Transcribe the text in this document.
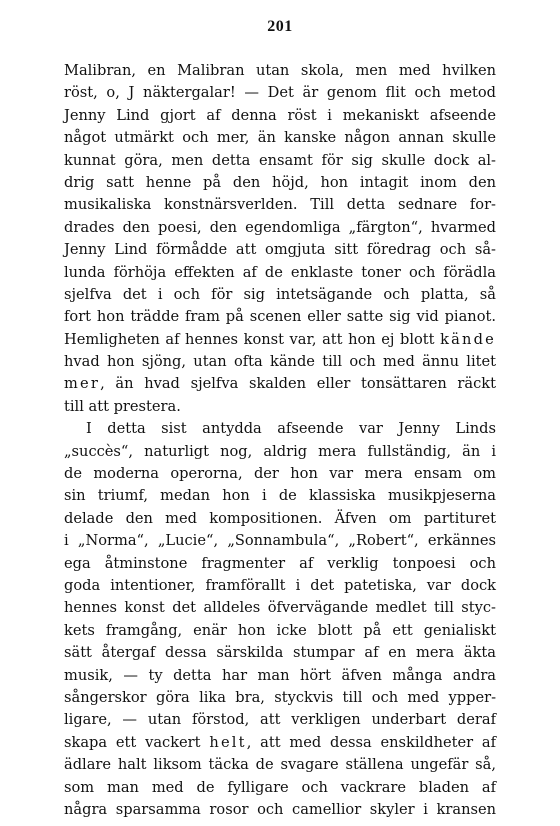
201
Malibran, en Malibran utan skola, men med hvilken
röst, o, J näktergalar! — Det är genom flit och metod
Jenny Lind gjort af denna röst i mekaniskt afseende
något utmärkt och mer, än kanske någon annan skulle
kunnat göra, men detta ensamt för sig skulle dock al-
drig satt henne på den höjd, hon intagit inom den
musikaliska konstnärsverlden. Till detta sednare for-
drades den poesi, den egendomliga „färgton“, hvarmed
Jenny Lind förmådde att omgjuta sitt föredrag och så-
lunda förhöja effekten af de enklaste toner och förädla
sjelfva det i och för sig intetsägande och platta, så
fort hon trädde fram på scenen eller satte sig vid pianot.
Hemligheten af hennes konst var, att hon ej blott kände
hvad hon sjöng, utan ofta kände till och med ännu litet
mer, än hvad sjelfva skalden eller tonsättaren räckt
till att prestera.
I detta sist antydda afseende var Jenny Linds
„succès“, naturligt nog, aldrig mera fullständig, än i
de moderna operorna, der hon var mera ensam om
sin triumf, medan hon i de klassiska musikpjeserna
delade den med kompositionen. Äfven om partituret
i „Norma“, „Lucie“, „Sonnambula“, „Robert“, erkännes
ega åtminstone fragmenter af verklig tonpoesi och
goda intentioner, framförallt i det patetiska, var dock
hennes konst det alldeles öfvervägande medlet till styc-
kets framgång, enär hon icke blott på ett genialiskt
sätt återgaf dessa särskilda stumpar af en mera äkta
musik, — ty detta har man hört äfven många andra
sångerskor göra lika bra, styckvis till och med ypper-
ligare, — utan förstod, att verkligen underbart deraf
skapa ett vackert helt, att med dessa enskildheter af
ädlare halt liksom täcka de svagare ställena ungefär så,
som man med de fylligare och vackrare bladen af
några sparsamma rosor och camellior skyler i kransen
